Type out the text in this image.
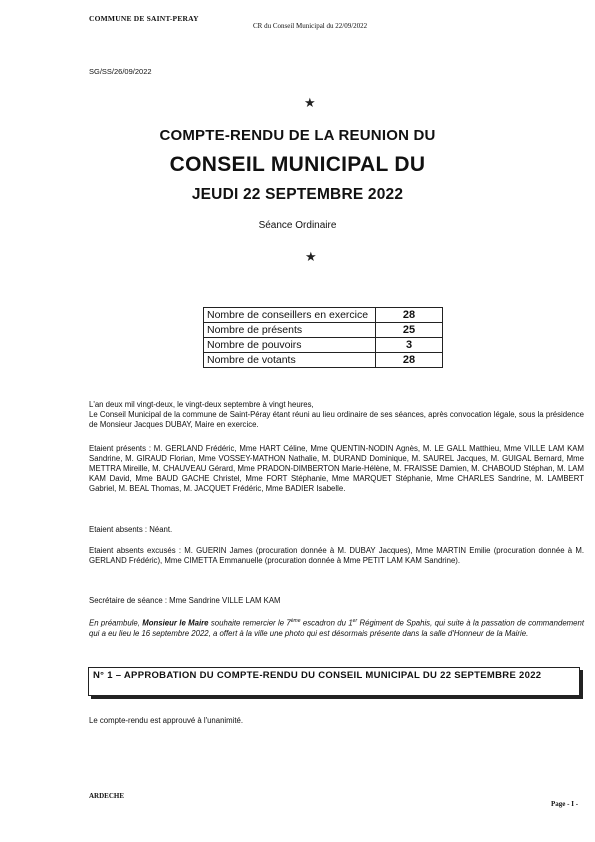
COMMUNE DE SAINT-PERAY
CR du Conseil Municipal du 22/09/2022
SG/SS/26/09/2022
★
COMPTE-RENDU DE LA REUNION DU
CONSEIL MUNICIPAL DU
JEUDI 22 SEPTEMBRE 2022
Séance Ordinaire
★
Nombre de conseillers en exercice	28
Nombre de présents	25
Nombre de pouvoirs	3
Nombre de votants	28

L'an deux mil vingt-deux, le vingt-deux septembre à vingt heures,

Le Conseil Municipal de la commune de Saint-Péray étant réuni au lieu ordinaire de ses séances, après convocation légale, sous la présidence de Monsieur Jacques DUBAY, Maire en exercice.

Etaient présents : M. GERLAND Frédéric, Mme HART Céline, Mme QUENTIN-NODIN Agnès, M. LE GALL Matthieu, Mme VILLE LAM KAM Sandrine, M. GIRAUD Florian, Mme VOSSEY-MATHON Nathalie, M. DURAND Dominique, M. SAUREL Jacques, M. GUIGAL Bernard, Mme METTRA Mireille, M. CHAUVEAU Gérard, Mme PRADON-DIMBERTON Marie-Hélène, M. FRAISSE Damien, M. CHABOUD Stéphan, M. LAM KAM David, Mme BAUD GACHE Christel, Mme FORT Stéphanie, Mme MARQUET Stéphanie, Mme CHARLES Sandrine, M. LAMBERT Gabriel, M. BEAL Thomas, M. JACQUET Frédéric, Mme BADIER Isabelle.

Etaient absents : Néant.

Etaient absents excusés : M. GUERIN James (procuration donnée à M. DUBAY Jacques), Mme MARTIN Emilie (procuration donnée à M. GERLAND Frédéric), Mme CIMETTA Emmanuelle (procuration donnée à Mme PETIT LAM KAM Sandrine).

Secrétaire de séance : Mme Sandrine VILLE LAM KAM

En préambule, Monsieur le Maire souhaite remercier le 7ème escadron du 1er Régiment de Spahis, qui suite à la passation de commandement qui a eu lieu le 16 septembre 2022, a offert à la ville une photo qui est désormais présente dans la salle d'Honneur de la Mairie.

N° 1 – APPROBATION DU COMPTE-RENDU DU CONSEIL MUNICIPAL DU 22 SEPTEMBRE 2022
Le compte-rendu est approuvé à l'unanimité.
ARDECHE
Page - I -
